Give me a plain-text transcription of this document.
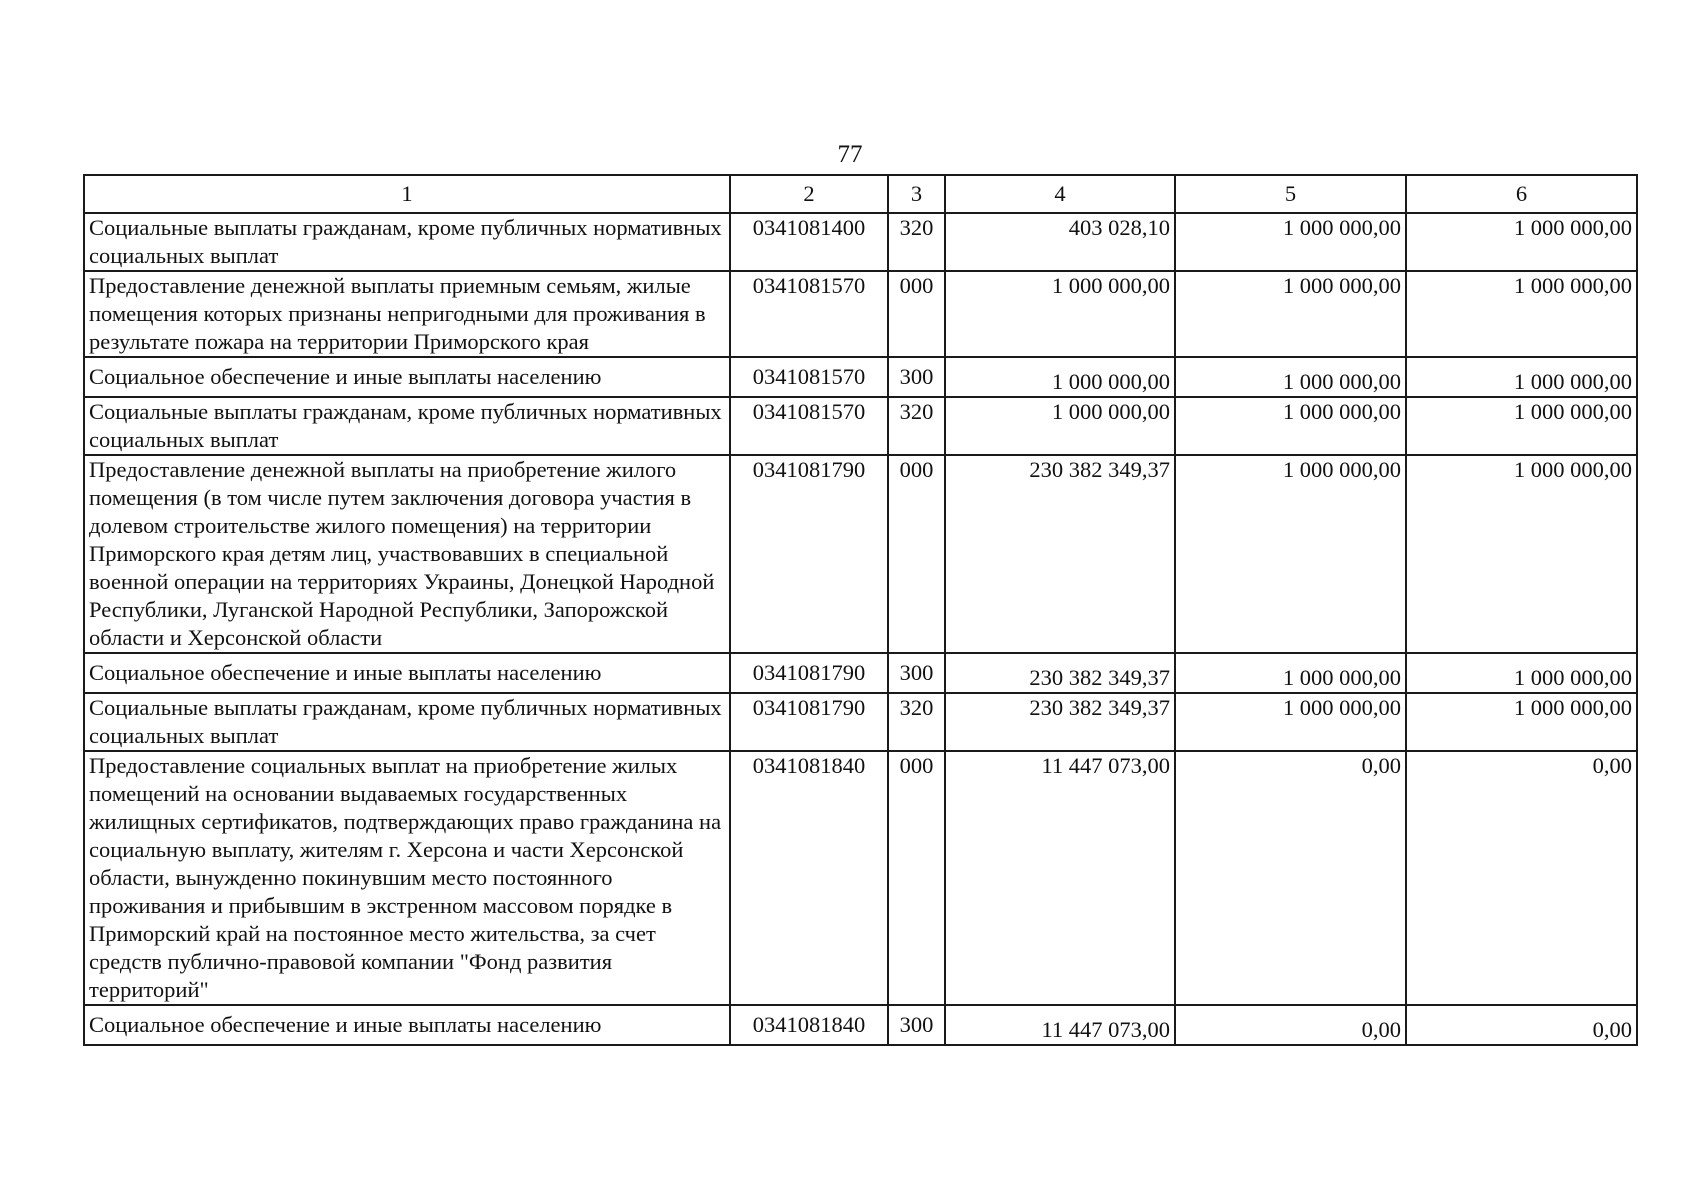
77
1	2	3	4	5	6
Социальные выплаты гражданам, кроме публичных нормативных социальных выплат	0341081400	320	403 028,10	1 000 000,00	1 000 000,00
Предоставление денежной выплаты приемным семьям, жилые помещения которых признаны непригодными для проживания в результате пожара на территории Приморского края	0341081570	000	1 000 000,00	1 000 000,00	1 000 000,00
Социальное обеспечение и иные выплаты населению	0341081570	300	1 000 000,00	1 000 000,00	1 000 000,00
Социальные выплаты гражданам, кроме публичных нормативных социальных выплат	0341081570	320	1 000 000,00	1 000 000,00	1 000 000,00
Предоставление денежной выплаты на приобретение жилого помещения (в том числе путем заключения договора участия в долевом строительстве жилого помещения) на территории Приморского края детям лиц, участвовавших в специальной военной операции на территориях Украины, Донецкой Народной Республики, Луганской Народной Республики, Запорожской области и Херсонской области	0341081790	000	230 382 349,37	1 000 000,00	1 000 000,00
Социальное обеспечение и иные выплаты населению	0341081790	300	230 382 349,37	1 000 000,00	1 000 000,00
Социальные выплаты гражданам, кроме публичных нормативных социальных выплат	0341081790	320	230 382 349,37	1 000 000,00	1 000 000,00
Предоставление социальных выплат на приобретение жилых помещений на основании выдаваемых государственных жилищных сертификатов, подтверждающих право гражданина на социальную выплату, жителям г. Херсона и части Херсонской области, вынужденно покинувшим место постоянного проживания и прибывшим в экстренном массовом порядке в Приморский край на постоянное место жительства, за счет средств публично-правовой компании "Фонд развития территорий"	0341081840	000	11 447 073,00	0,00	0,00
Социальное обеспечение и иные выплаты населению	0341081840	300	11 447 073,00	0,00	0,00
